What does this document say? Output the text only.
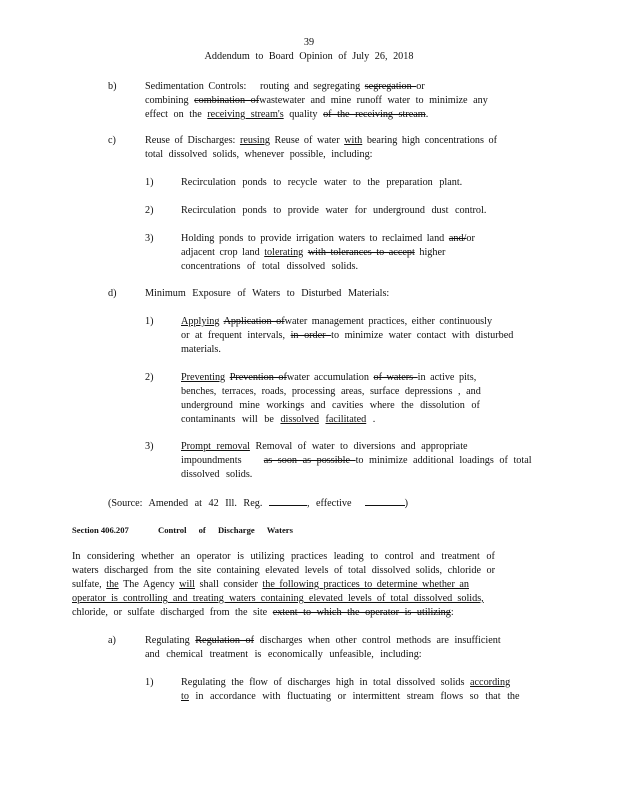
39
Addendum to Board Opinion of July 26, 2018
b)	Sedimentation Controls: routing and segregating segregation or
combining combination ofwastewater and mine runoff water to minimize any
effect on the receiving stream's quality of the receiving stream.
c)	Reuse of Discharges: reusing Reuse of water with bearing high concentrations of
total dissolved solids, whenever possible, including:
1)	Recirculation ponds to recycle water to the preparation plant.
2)	Recirculation ponds to provide water for underground dust control.
3)	Holding ponds to provide irrigation waters to reclaimed land and/or
adjacent crop land tolerating with tolerances to accept higher
concentrations of total dissolved solids.
d)	Minimum Exposure of Waters to Disturbed Materials:
1)	Applying Application ofwater management practices, either continuously
or at frequent intervals, in order to minimize water contact with disturbed
materials.
2)	Preventing Prevention ofwater accumulation of waters in active pits,
benches, terraces, roads, processing areas, surface depressions , and
underground mine workings and cavities where the dissolution of
contaminants will be dissolved facilitated .
3)	Prompt removal Removal of water to diversions and appropriate
impoundments    as soon as possible to minimize additional loadings of total
dissolved solids.
(Source: Amended at 42 Ill. Reg.	, effective	)
Section 406.207	Control of Discharge Waters
In considering whether an operator is utilizing practices leading to control and treatment of
waters discharged from the site containing elevated levels of total dissolved solids, chloride or
sulfate, the The Agency will shall consider the following practices to determine whether an
operator is controlling and treating waters containing elevated levels of total dissolved solids,
chloride, or sulfate discharged from the site extent to which the operator is utilizing:
a)	Regulating Regulation of discharges when other control methods are insufficient
and chemical treatment is economically unfeasible, including:
1)	Regulating the flow of discharges high in total dissolved solids according
to in accordance with fluctuating or intermittent stream flows so that the
